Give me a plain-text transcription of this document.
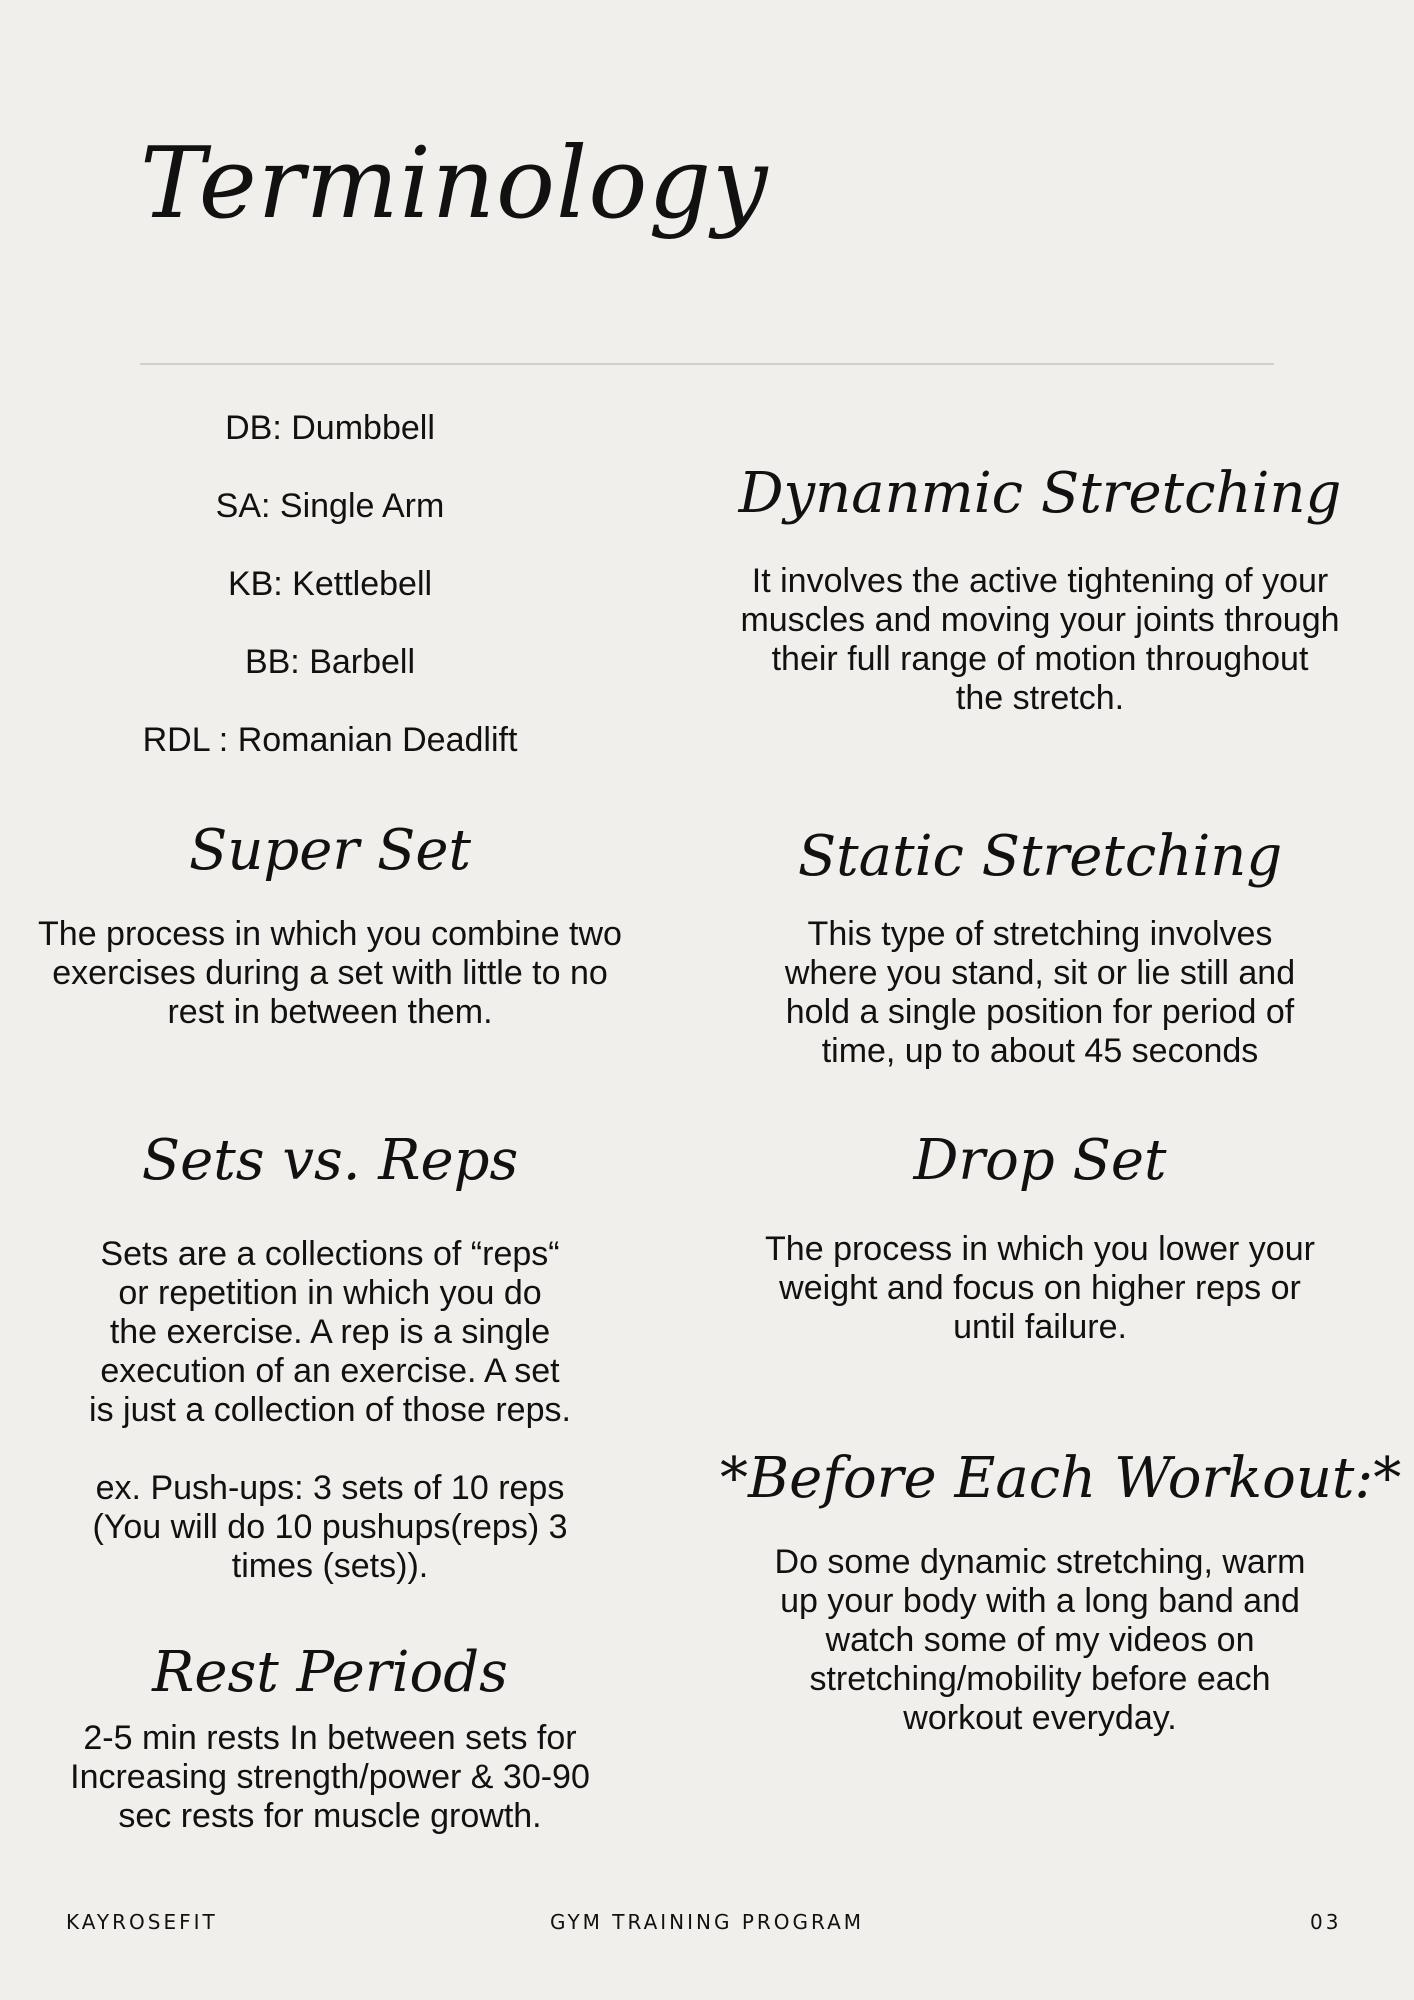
Terminology
DB: Dumbbell
SA: Single Arm
KB: Kettlebell
BB: Barbell
RDL : Romanian Deadlift
Dynanmic Stretching
It involves the active tightening of your
muscles and moving your joints through
their full range of motion throughout
the stretch.
Static Stretching
This type of stretching involves
where you stand, sit or lie still and
hold a single position for period of
time, up to about 45 seconds
Drop Set
The process in which you lower your
weight and focus on higher reps or
until failure.
*Before Each Workout:*
Do some dynamic stretching, warm
up your body with a long band and
watch some of my videos on
stretching/mobility before each
workout everyday.
Super Set
The process in which you combine two
exercises during a set with little to no
rest in between them.
Sets vs. Reps
Sets are a collections of “reps“
or repetition in which you do
the exercise. A rep is a single
execution of an exercise. A set
is just a collection of those reps.

ex. Push-ups: 3 sets of 10 reps
(You will do 10 pushups(reps) 3
times (sets)).
Rest Periods
2-5 min rests In between sets for
Increasing strength/power & 30-90
sec rests for muscle growth.
KAYROSEFIT	GYM TRAINING PROGRAM	03
